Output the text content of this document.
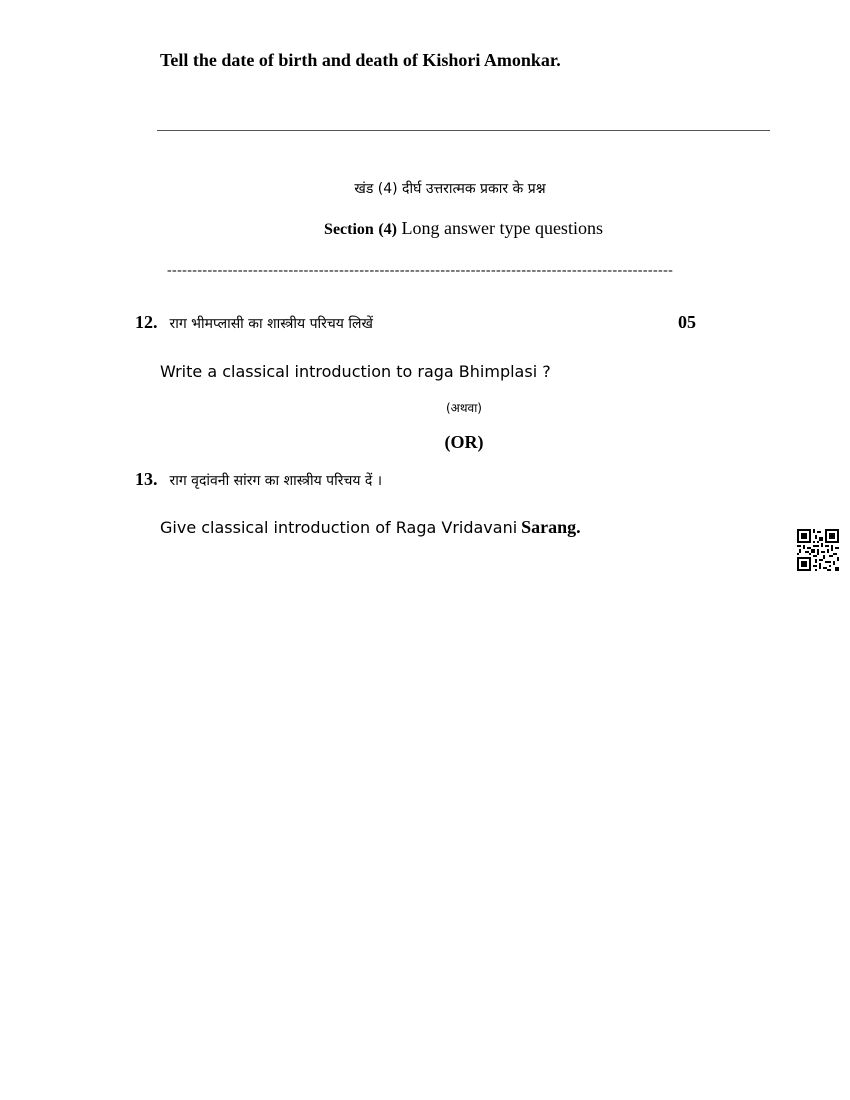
Tell the date of birth and death of Kishori Amonkar.
खंड (4) दीर्घ उत्तरात्मक प्रकार के प्रश्न
Section (4) Long answer type questions
----------------------------------------------------------------------------------------------------
12. राग भीमप्लासी का शास्त्रीय परिचय लिखें	05
Write a classical introduction to raga Bhimplasi ?
(अथवा)
(OR)
13. राग वृदांवनी सांरग का शास्त्रीय परिचय दें ।
Give classical introduction of Raga Vridavani Sarang.
